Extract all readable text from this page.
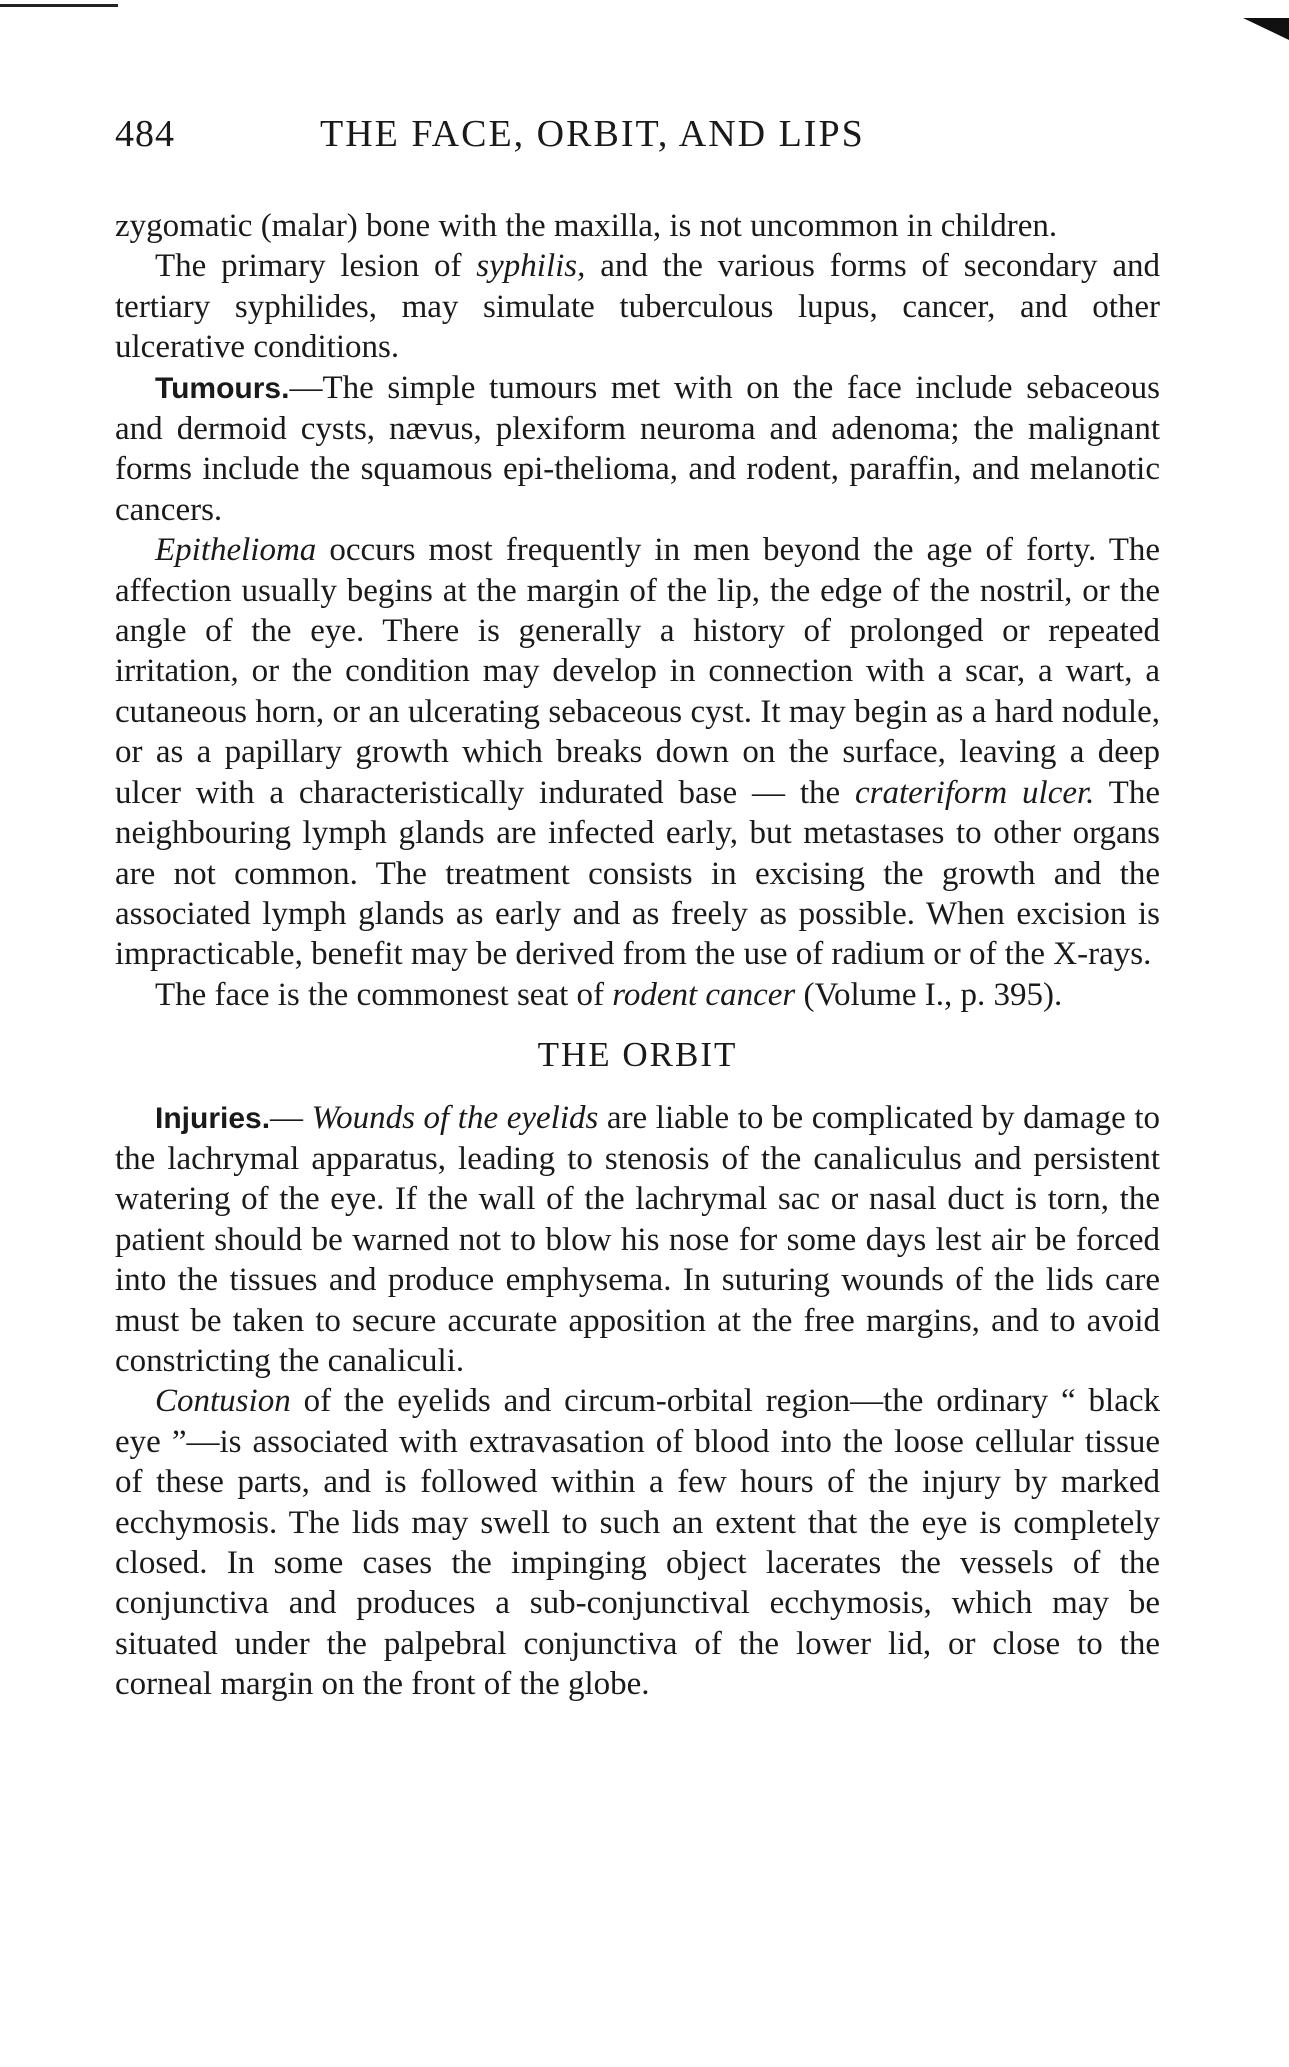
484	THE FACE, ORBIT, AND LIPS

zygomatic (malar) bone with the maxilla, is not uncommon in children.

The primary lesion of syphilis, and the various forms of secondary and tertiary syphilides, may simulate tuberculous lupus, cancer, and other ulcerative conditions.

Tumours.—The simple tumours met with on the face include sebaceous and dermoid cysts, nævus, plexiform neuroma and adenoma; the malignant forms include the squamous epi-thelioma, and rodent, paraffin, and melanotic cancers.

Epithelioma occurs most frequently in men beyond the age of forty. The affection usually begins at the margin of the lip, the edge of the nostril, or the angle of the eye. There is generally a history of prolonged or repeated irritation, or the condition may develop in connection with a scar, a wart, a cutaneous horn, or an ulcerating sebaceous cyst. It may begin as a hard nodule, or as a papillary growth which breaks down on the surface, leaving a deep ulcer with a characteristically indurated base — the crateriform ulcer. The neighbouring lymph glands are infected early, but metastases to other organs are not common. The treatment consists in excising the growth and the associated lymph glands as early and as freely as possible. When excision is impracticable, benefit may be derived from the use of radium or of the X-rays.

The face is the commonest seat of rodent cancer (Volume I., p. 395).

THE ORBIT

Injuries.— Wounds of the eyelids are liable to be complicated by damage to the lachrymal apparatus, leading to stenosis of the canaliculus and persistent watering of the eye. If the wall of the lachrymal sac or nasal duct is torn, the patient should be warned not to blow his nose for some days lest air be forced into the tissues and produce emphysema. In suturing wounds of the lids care must be taken to secure accurate apposition at the free margins, and to avoid constricting the canaliculi.

Contusion of the eyelids and circum-orbital region—the ordinary “ black eye ”—is associated with extravasation of blood into the loose cellular tissue of these parts, and is followed within a few hours of the injury by marked ecchymosis. The lids may swell to such an extent that the eye is completely closed. In some cases the impinging object lacerates the vessels of the conjunctiva and produces a sub-conjunctival ecchymosis, which may be situated under the palpebral conjunctiva of the lower lid, or close to the corneal margin on the front of the globe.
